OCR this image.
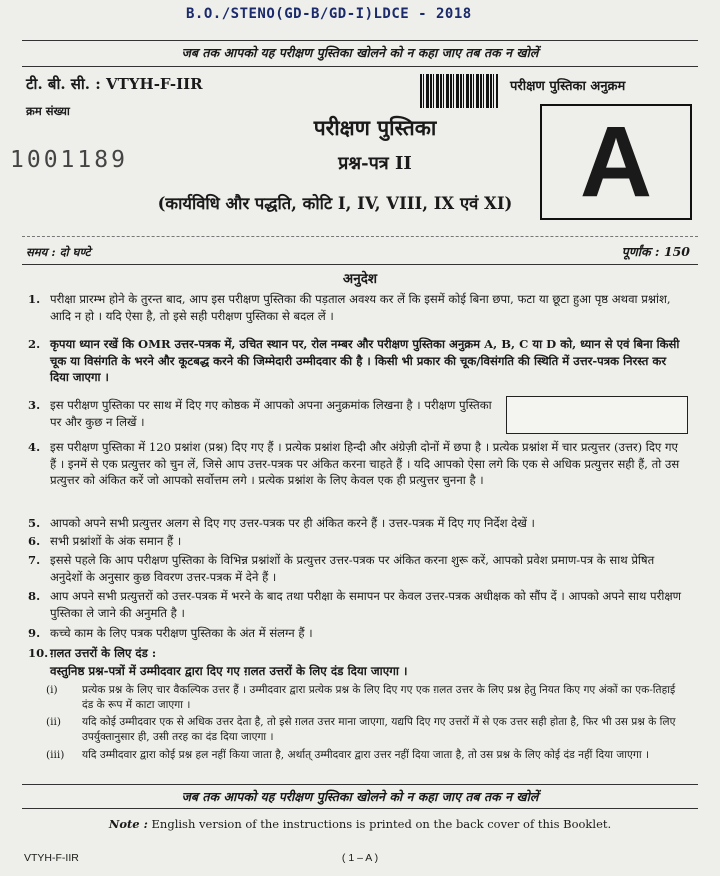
B.O./STENO(GD-B/GD-I)LDCE - 2018
जब तक आपको यह परीक्षण पुस्तिका खोलने को न कहा जाए तब तक न खोलें
टी. बी. सी. : VTYH-F-IIR
क्रम संख्या
1001189
परीक्षण पुस्तिका अनुक्रम
A
परीक्षण पुस्तिका
प्रश्न-पत्र II
(कार्यविधि और पद्धति, कोटि I, IV, VIII, IX एवं XI)
समय : दो घण्टे	पूर्णांक : 150
अनुदेश
1. परीक्षा प्रारम्भ होने के तुरन्त बाद, आप इस परीक्षण पुस्तिका की पड़ताल अवश्य कर लें कि इसमें कोई बिना छपा, फटा या छूटा हुआ पृष्ठ अथवा प्रश्नांश, आदि न हो । यदि ऐसा है, तो इसे सही परीक्षण पुस्तिका से बदल लें ।
2. कृपया ध्यान रखें कि OMR उत्तर-पत्रक में, उचित स्थान पर, रोल नम्बर और परीक्षण पुस्तिका अनुक्रम A, B, C या D को, ध्यान से एवं बिना किसी चूक या विसंगति के भरने और कूटबद्ध करने की जिम्मेदारी उम्मीदवार की है । किसी भी प्रकार की चूक/विसंगति की स्थिति में उत्तर-पत्रक निरस्त कर दिया जाएगा ।
3. इस परीक्षण पुस्तिका पर साथ में दिए गए कोष्ठक में आपको अपना अनुक्रमांक लिखना है । परीक्षण पुस्तिका पर और कुछ न लिखें ।
4. इस परीक्षण पुस्तिका में 120 प्रश्नांश (प्रश्न) दिए गए हैं । प्रत्येक प्रश्नांश हिन्दी और अंग्रेज़ी दोनों में छपा है । प्रत्येक प्रश्नांश में चार प्रत्युत्तर (उत्तर) दिए गए हैं । इनमें से एक प्रत्युत्तर को चुन लें, जिसे आप उत्तर-पत्रक पर अंकित करना चाहते हैं । यदि आपको ऐसा लगे कि एक से अधिक प्रत्युत्तर सही हैं, तो उस प्रत्युत्तर को अंकित करें जो आपको सर्वोत्तम लगे । प्रत्येक प्रश्नांश के लिए केवल एक ही प्रत्युत्तर चुनना है ।
5. आपको अपने सभी प्रत्युत्तर अलग से दिए गए उत्तर-पत्रक पर ही अंकित करने हैं । उत्तर-पत्रक में दिए गए निर्देश देखें ।
6. सभी प्रश्नांशों के अंक समान हैं ।
7. इससे पहले कि आप परीक्षण पुस्तिका के विभिन्न प्रश्नांशों के प्रत्युत्तर उत्तर-पत्रक पर अंकित करना शुरू करें, आपको प्रवेश प्रमाण-पत्र के साथ प्रेषित अनुदेशों के अनुसार कुछ विवरण उत्तर-पत्रक में देने हैं ।
8. आप अपने सभी प्रत्युत्तरों को उत्तर-पत्रक में भरने के बाद तथा परीक्षा के समापन पर केवल उत्तर-पत्रक अधीक्षक को सौंप दें । आपको अपने साथ परीक्षण पुस्तिका ले जाने की अनुमति है ।
9. कच्चे काम के लिए पत्रक परीक्षण पुस्तिका के अंत में संलग्न हैं ।
10. ग़लत उत्तरों के लिए दंड :
वस्तुनिष्ठ प्रश्न-पत्रों में उम्मीदवार द्वारा दिए गए ग़लत उत्तरों के लिए दंड दिया जाएगा ।
(i) प्रत्येक प्रश्न के लिए चार वैकल्पिक उत्तर हैं । उम्मीदवार द्वारा प्रत्येक प्रश्न के लिए दिए गए एक ग़लत उत्तर के लिए प्रश्न हेतु नियत किए गए अंकों का एक-तिहाई दंड के रूप में काटा जाएगा ।
(ii) यदि कोई उम्मीदवार एक से अधिक उत्तर देता है, तो इसे ग़लत उत्तर माना जाएगा, यद्यपि दिए गए उत्तरों में से एक उत्तर सही होता है, फिर भी उस प्रश्न के लिए उपर्युक्तानुसार ही, उसी तरह का दंड दिया जाएगा ।
(iii) यदि उम्मीदवार द्वारा कोई प्रश्न हल नहीं किया जाता है, अर्थात् उम्मीदवार द्वारा उत्तर नहीं दिया जाता है, तो उस प्रश्न के लिए कोई दंड नहीं दिया जाएगा ।
जब तक आपको यह परीक्षण पुस्तिका खोलने को न कहा जाए तब तक न खोलें
Note : English version of the instructions is printed on the back cover of this Booklet.
VTYH-F-IIR	( 1 – A )
